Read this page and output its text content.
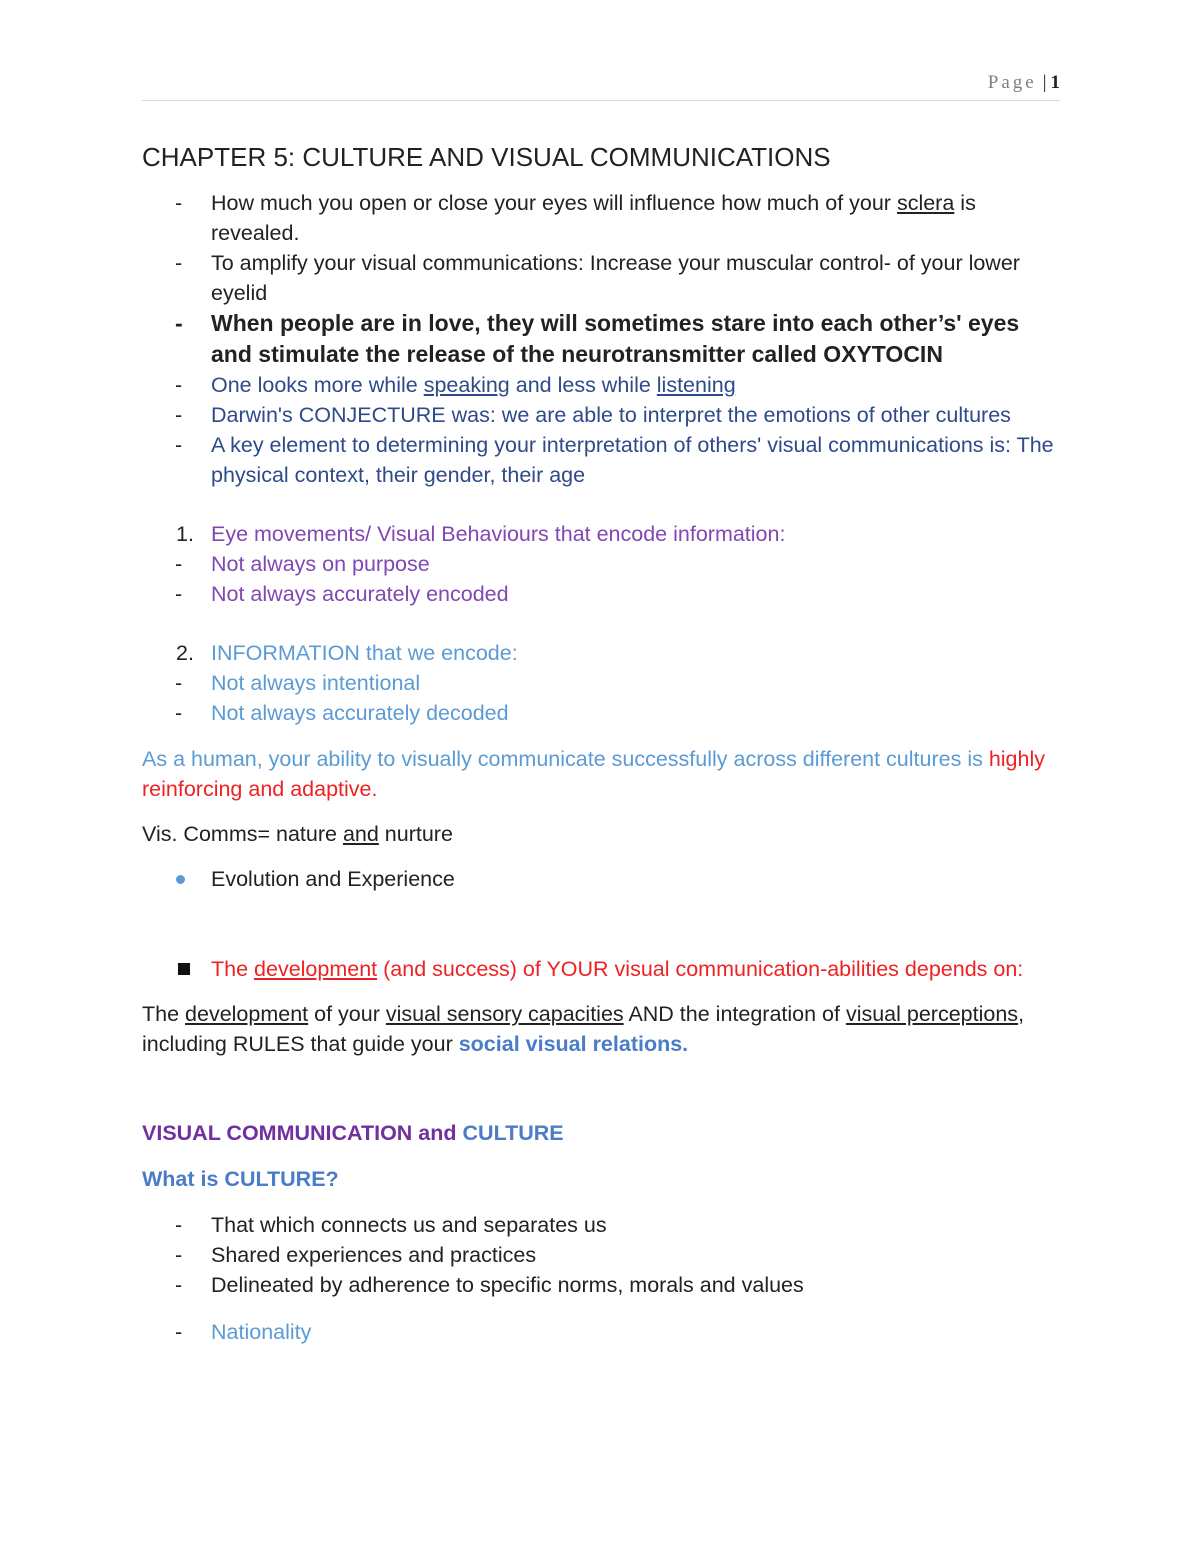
Page | 1
CHAPTER 5: CULTURE AND VISUAL COMMUNICATIONS
- How much you open or close your eyes will influence how much of your sclera is revealed.
- To amplify your visual communications: Increase your muscular control- of your lower eyelid
- When people are in love, they will sometimes stare into each other’s' eyes and stimulate the release of the neurotransmitter called OXYTOCIN
- One looks more while speaking and less while listening
- Darwin's CONJECTURE was: we are able to interpret the emotions of other cultures
- A key element to determining your interpretation of others' visual communications is: The physical context, their gender, their age
1. Eye movements/ Visual Behaviours that encode information:
- Not always on purpose
- Not always accurately encoded
2. INFORMATION that we encode:
- Not always intentional
- Not always accurately decoded

As a human, your ability to visually communicate successfully across different cultures is highly reinforcing and adaptive.

Vis. Comms= nature and nurture

Evolution and Experience
The development (and success) of YOUR visual communication-abilities depends on:

The development of your visual sensory capacities AND the integration of visual perceptions, including RULES that guide your social visual relations.

VISUAL COMMUNICATION and CULTURE

What is CULTURE?

- That which connects us and separates us
- Shared experiences and practices
- Delineated by adherence to specific norms, morals and values
- Nationality
